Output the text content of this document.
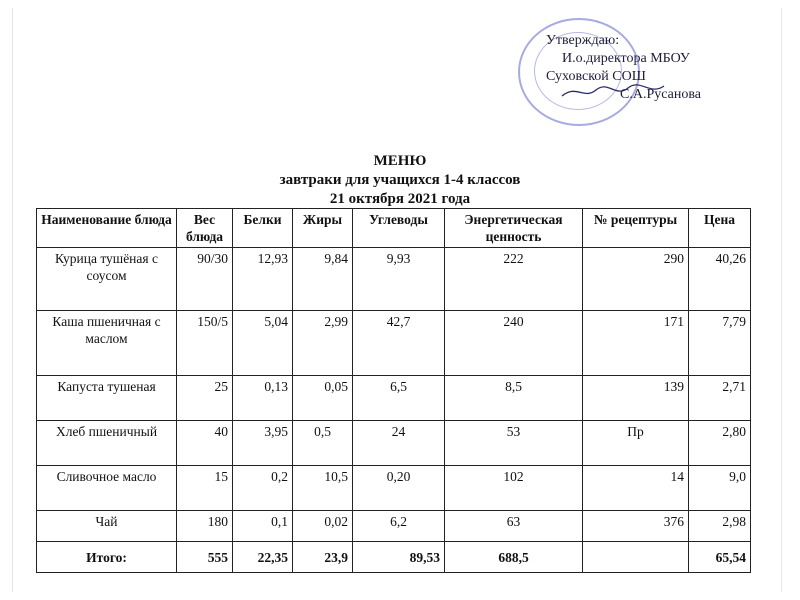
Утверждаю:
И.о.директора МБОУ
Суховской СОШ
С.А.Русанова
МЕНЮ
завтраки для учащихся 1-4 классов
21 октября 2021 года
Наименование блюда	Вес блюда	Белки	Жиры	Углеводы	Энергетическая ценность	№ рецептуры	Цена
Курица тушёная с соусом	90/30	12,93	9,84	9,93	222	290	40,26
Каша пшеничная с маслом	150/5	5,04	2,99	42,7	240	171	7,79
Капуста тушеная	25	0,13	0,05	6,5	8,5	139	2,71
Хлеб пшеничный	40	3,95	0,5	24	53	Пр	2,80
Сливочное масло	15	0,2	10,5	0,20	102	14	9,0
Чай	180	0,1	0,02	6,2	63	376	2,98
Итого:	555	22,35	23,9	89,53	688,5		65,54
